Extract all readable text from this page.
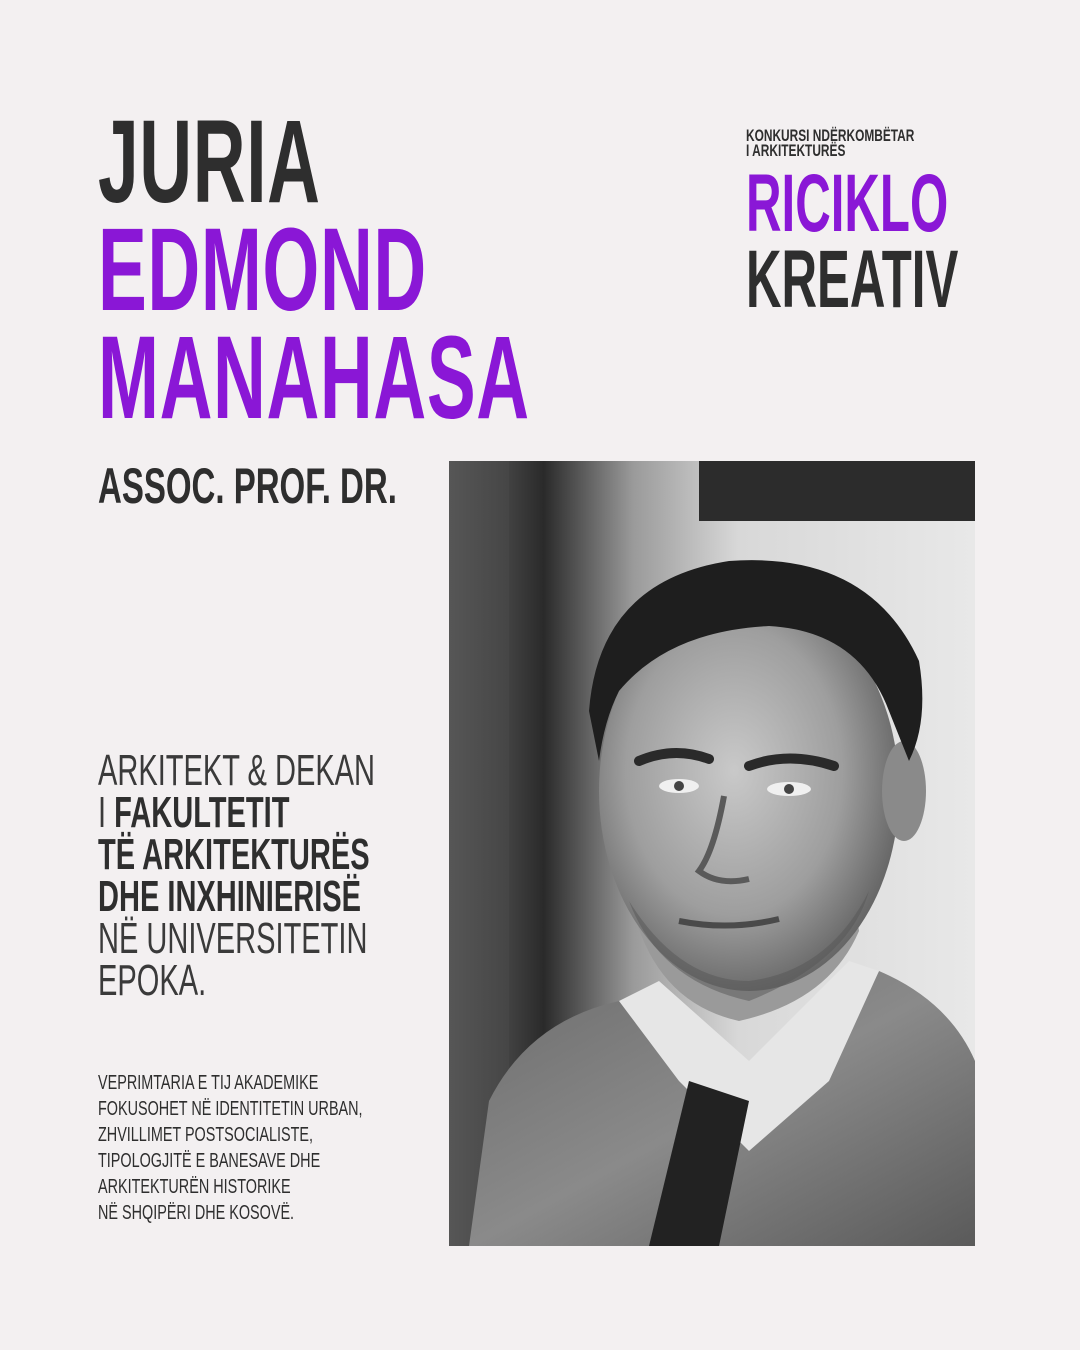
JURIA
EDMOND
MANAHASA
ASSOC. PROF. DR.
KONKURSI NDËRKOMBËTAR
I ARKITEKTURËS
RICIKLO
KREATIV
ARKITEKT & DEKAN
I FAKULTETIT
TË ARKITEKTURËS
DHE INXHINIERISË
NË UNIVERSITETIN
EPOKA.
VEPRIMTARIA E TIJ AKADEMIKE
FOKUSOHET NË IDENTITETIN URBAN,
ZHVILLIMET POSTSOCIALISTE,
TIPOLOGJITË E BANESAVE DHE
ARKITEKTURËN HISTORIKE
NË SHQIPËRI DHE KOSOVË.
